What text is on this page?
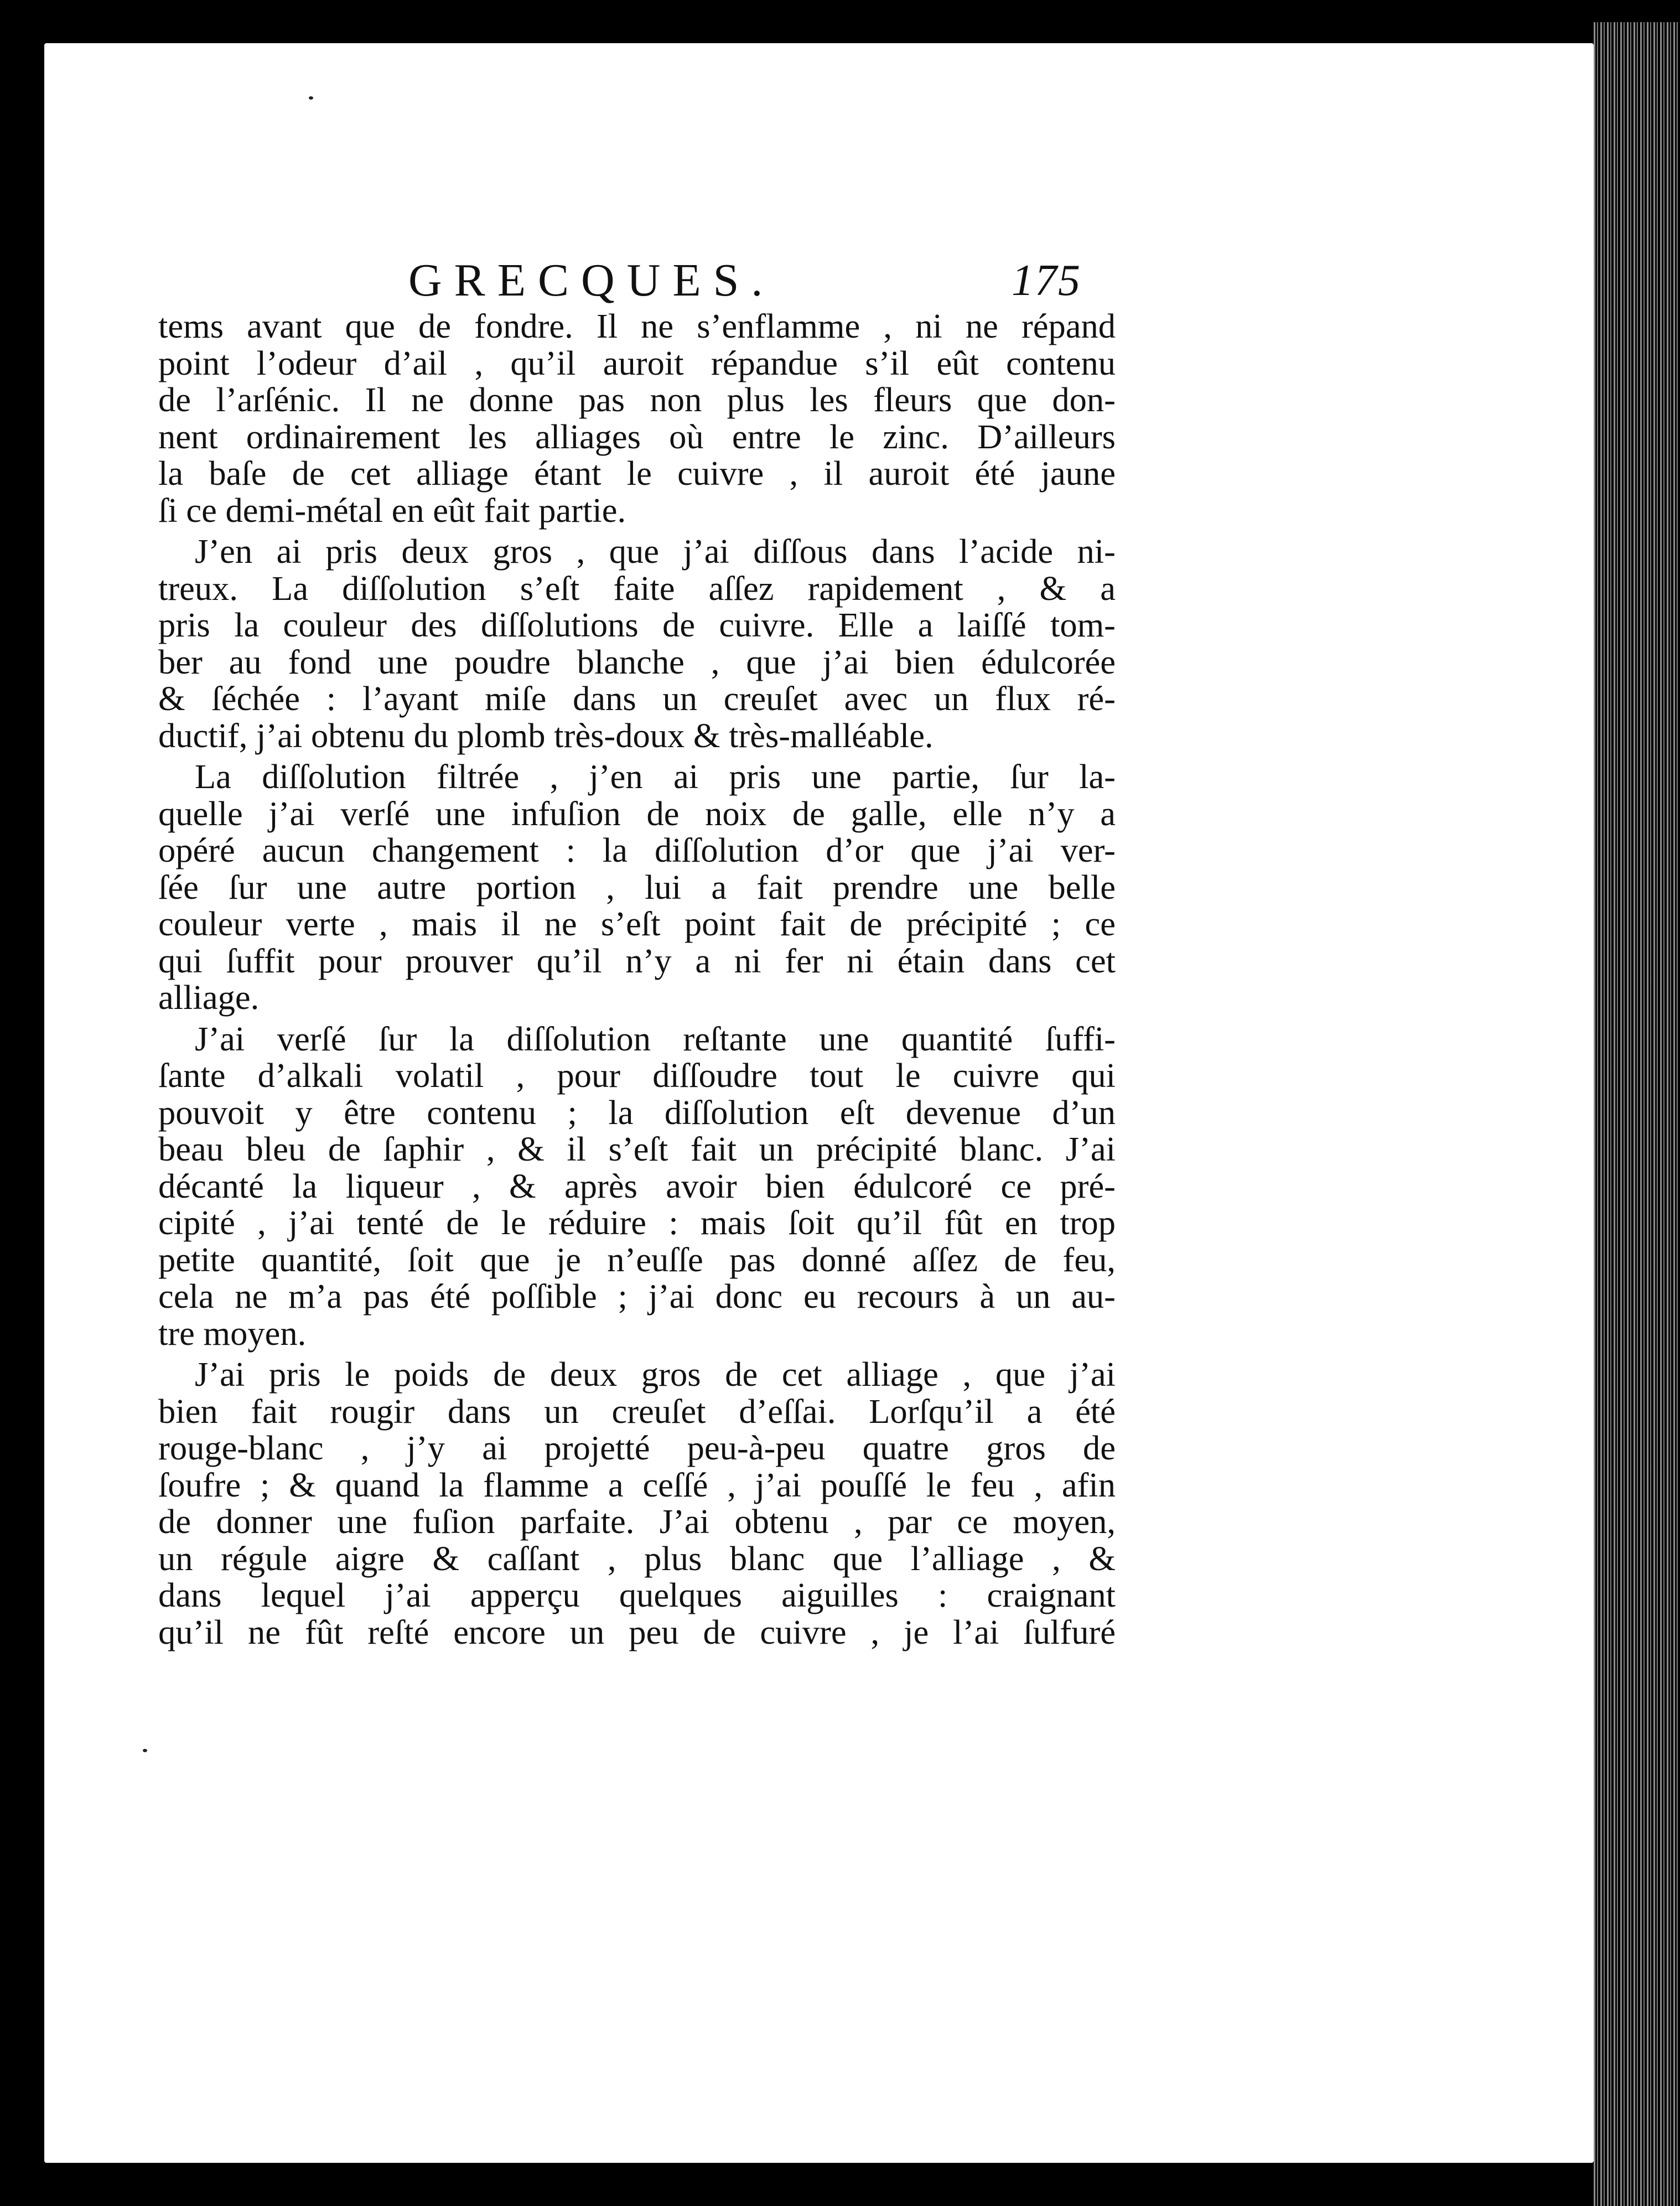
GRECQUES.	175
tems avant que de fondre. Il ne s’enflamme , ni ne répand
point l’odeur d’ail , qu’il auroit répandue s’il eût contenu
de l’arſénic. Il ne donne pas non plus les fleurs que don-
nent ordinairement les alliages où entre le zinc. D’ailleurs
la baſe de cet alliage étant le cuivre , il auroit été jaune
ſi ce demi-métal en eût fait partie.
J’en ai pris deux gros , que j’ai diſſous dans l’acide ni-
treux. La diſſolution s’eſt faite aſſez rapidement , & a
pris la couleur des diſſolutions de cuivre. Elle a laiſſé tom-
ber au fond une poudre blanche , que j’ai bien édulcorée
& ſéchée : l’ayant miſe dans un creuſet avec un flux ré-
ductif, j’ai obtenu du plomb très-doux & très-malléable.
La diſſolution filtrée , j’en ai pris une partie, ſur la-
quelle j’ai verſé une infuſion de noix de galle, elle n’y a
opéré aucun changement : la diſſolution d’or que j’ai ver-
ſée ſur une autre portion , lui a fait prendre une belle
couleur verte , mais il ne s’eſt point fait de précipité ; ce
qui ſuffit pour prouver qu’il n’y a ni fer ni étain dans cet
alliage.
J’ai verſé ſur la diſſolution reſtante une quantité ſuffi-
ſante d’alkali volatil , pour diſſoudre tout le cuivre qui
pouvoit y être contenu ; la diſſolution eſt devenue d’un
beau bleu de ſaphir , & il s’eſt fait un précipité blanc. J’ai
décanté la liqueur , & après avoir bien édulcoré ce pré-
cipité , j’ai tenté de le réduire : mais ſoit qu’il fût en trop
petite quantité, ſoit que je n’euſſe pas donné aſſez de feu,
cela ne m’a pas été poſſible ; j’ai donc eu recours à un au-
tre moyen.
J’ai pris le poids de deux gros de cet alliage , que j’ai
bien fait rougir dans un creuſet d’eſſai. Lorſqu’il a été
rouge-blanc , j’y ai projetté peu-à-peu quatre gros de
ſoufre ; & quand la flamme a ceſſé , j’ai pouſſé le feu , afin
de donner une fuſion parfaite. J’ai obtenu , par ce moyen,
un régule aigre & caſſant , plus blanc que l’alliage , &
dans lequel j’ai apperçu quelques aiguilles : craignant
qu’il ne fût reſté encore un peu de cuivre , je l’ai ſulfuré
